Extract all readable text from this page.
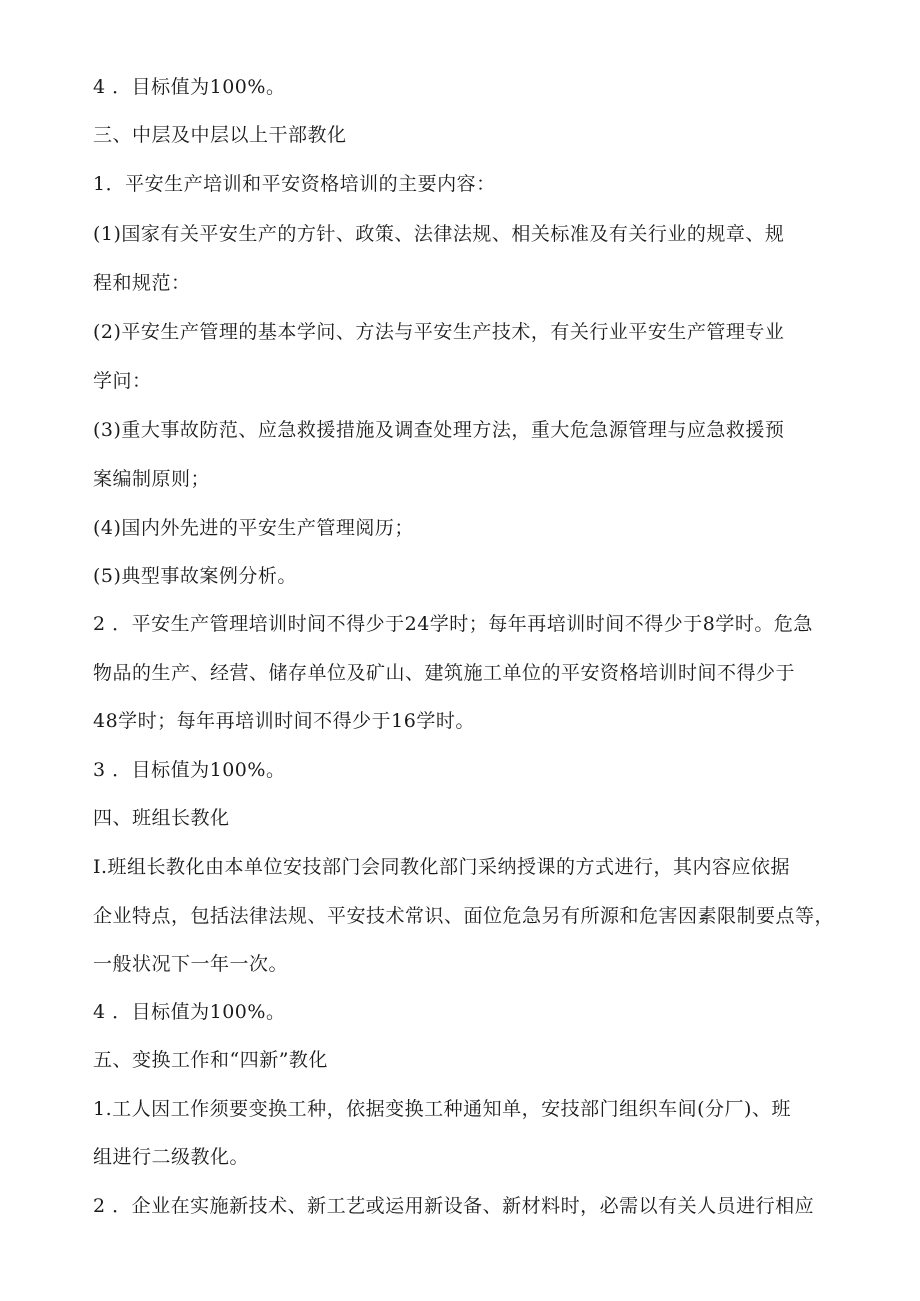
4 ．目标值为100%。
三、中层及中层以上干部教化
1．平安生产培训和平安资格培训的主要内容：
(1)国家有关平安生产的方针、政策、法律法规、相关标准及有关行业的规章、规
程和规范：
(2)平安生产管理的基本学问、方法与平安生产技术，有关行业平安生产管理专业
学问：
(3)重大事故防范、应急救援措施及调查处理方法，重大危急源管理与应急救援预
案编制原则；
(4)国内外先进的平安生产管理阅历；
(5)典型事故案例分析。
2 ．平安生产管理培训时间不得少于24学时；每年再培训时间不得少于8学时。危急
物品的生产、经营、储存单位及矿山、建筑施工单位的平安资格培训时间不得少于
48学时；每年再培训时间不得少于16学时。
3 ．目标值为100%。
四、班组长教化
I.班组长教化由本单位安技部门会同教化部门采纳授课的方式进行，其内容应依据
企业特点，包括法律法规、平安技术常识、面位危急另有所源和危害因素限制要点等，
一般状况下一年一次。
4 ．目标值为100%。
五、变换工作和“四新”教化
1.工人因工作须要变换工种，依据变换工种通知单，安技部门组织车间(分厂)、班
组进行二级教化。
2 ．企业在实施新技术、新工艺或运用新设备、新材料时，必需以有关人员进行相应
